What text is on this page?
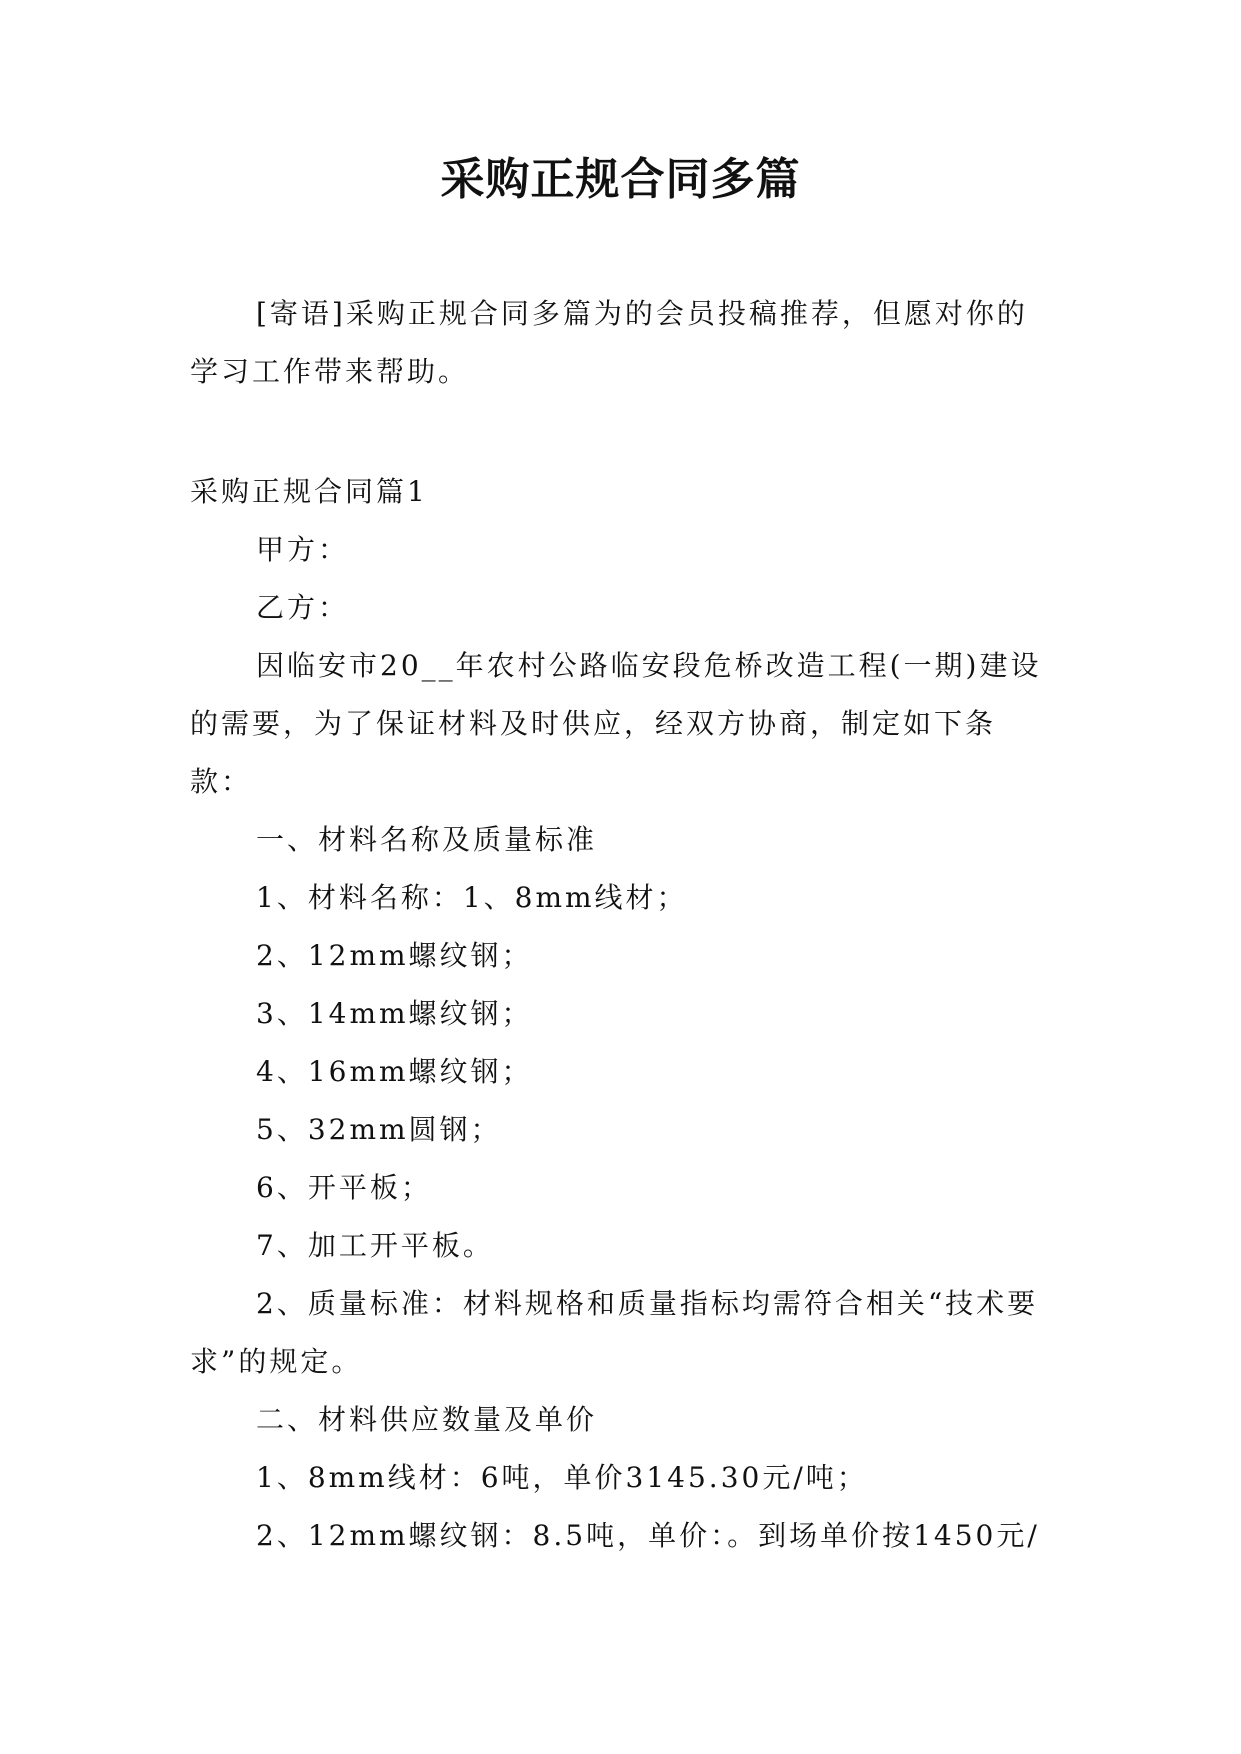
采购正规合同多篇

[寄语]采购正规合同多篇为的会员投稿推荐，但愿对你的学习工作带来帮助。

采购正规合同篇1

甲方：

乙方：

因临安市20__年农村公路临安段危桥改造工程(一期)建设的需要，为了保证材料及时供应，经双方协商，制定如下条款：

一、材料名称及质量标准

1、材料名称：1、8mm线材；

2、12mm螺纹钢；

3、14mm螺纹钢；

4、16mm螺纹钢；

5、32mm圆钢；

6、开平板；

7、加工开平板。

2、质量标准：材料规格和质量指标均需符合相关“技术要求”的规定。

二、材料供应数量及单价

1、8mm线材：6吨，单价3145.30元/吨；

2、12mm螺纹钢：8.5吨，单价：。到场单价按1450元/
